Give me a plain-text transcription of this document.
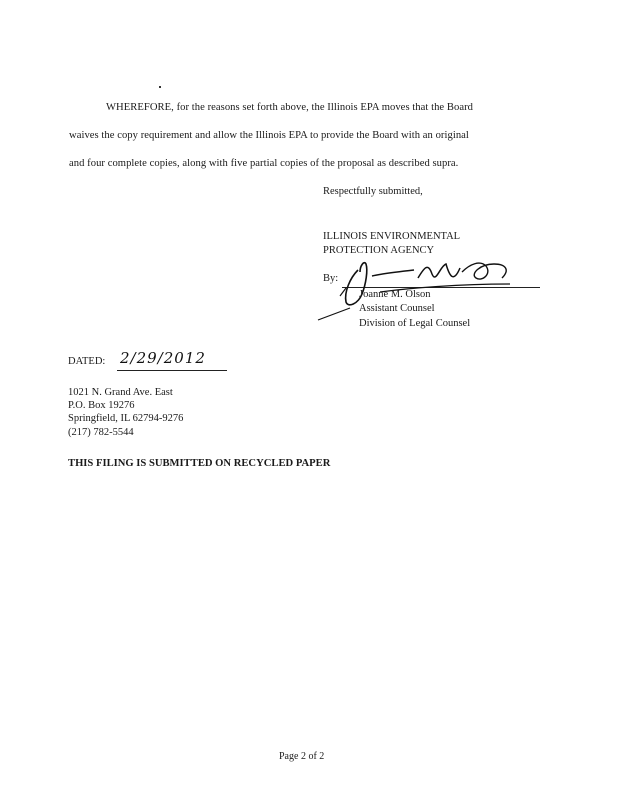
WHEREFORE, for the reasons set forth above, the Illinois EPA moves that the Board
waives the copy requirement and allow the Illinois EPA to provide the Board with an original
and four complete copies, along with five partial copies of the proposal as described supra.
Respectfully submitted,
ILLINOIS ENVIRONMENTAL
PROTECTION AGENCY
By:
Joanne M. Olson
Assistant Counsel
Division of Legal Counsel
DATED: 2/29/2012
1021 N. Grand Ave. East
P.O. Box 19276
Springfield, IL 62794-9276
(217) 782-5544
THIS FILING IS SUBMITTED ON RECYCLED PAPER
Page 2 of 2
